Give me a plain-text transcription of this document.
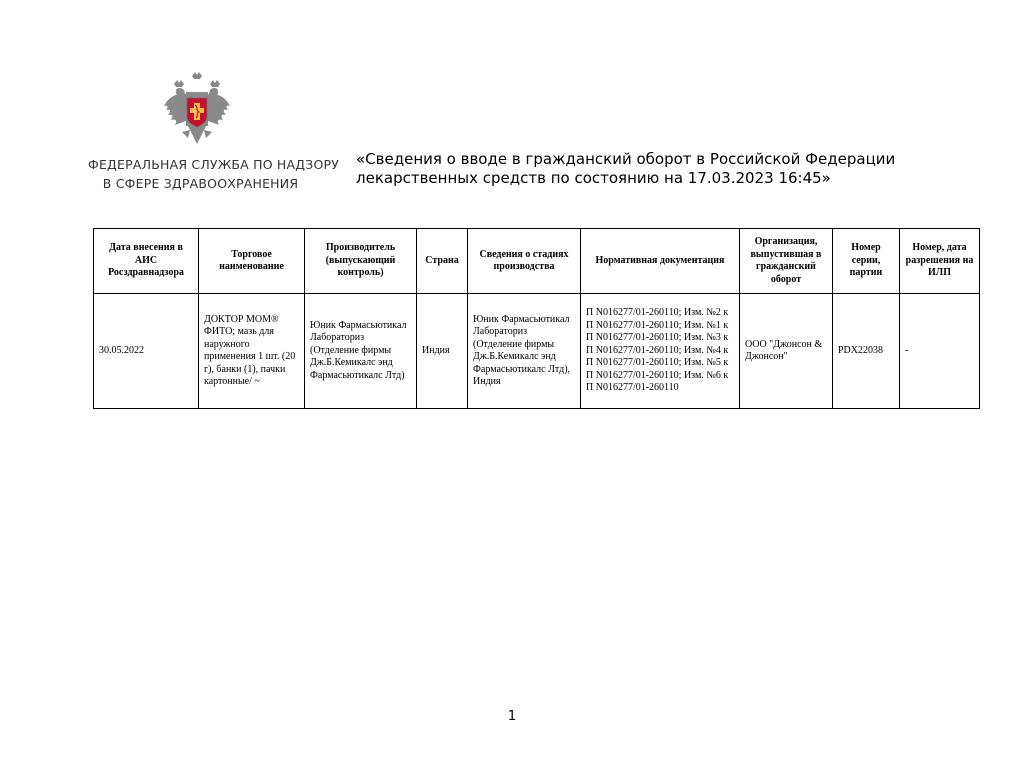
ФЕДЕРАЛЬНАЯ СЛУЖБА ПО НАДЗОРУ
В СФЕРЕ ЗДРАВООХРАНЕНИЯ
«Сведения о вводе в гражданский оборот в Российской Федерации
лекарственных средств по состоянию на 17.03.2023 16:45»
Дата внесения в АИС Росздравнадзора	Торговое наименование	Производитель (выпускающий контроль)	Страна	Сведения о стадиях производства	Нормативная документация	Организация, выпустившая в гражданский оборот	Номер серии, партии	Номер, дата разрешения на ИЛП
30.05.2022	ДОКТОР МОМ® ФИТО; мазь для наружного применения 1 шт. (20 г), банки (1), пачки картонные/ ~	Юник Фармасьютикал Лабораториз (Отделение фирмы Дж.Б.Кемикалс энд Фармасьютикалс Лтд)	Индия	Юник Фармасьютикал Лабораториз (Отделение фирмы Дж.Б.Кемикалс энд Фармасьютикалс Лтд), Индия	П N016277/01-260110; Изм. №2 к П N016277/01-260110; Изм. №1 к П N016277/01-260110; Изм. №3 к П N016277/01-260110; Изм. №4 к П N016277/01-260110; Изм. №5 к П N016277/01-260110; Изм. №6 к П N016277/01-260110	ООО "Джонсон & Джонсон"	PDX22038	-
1
